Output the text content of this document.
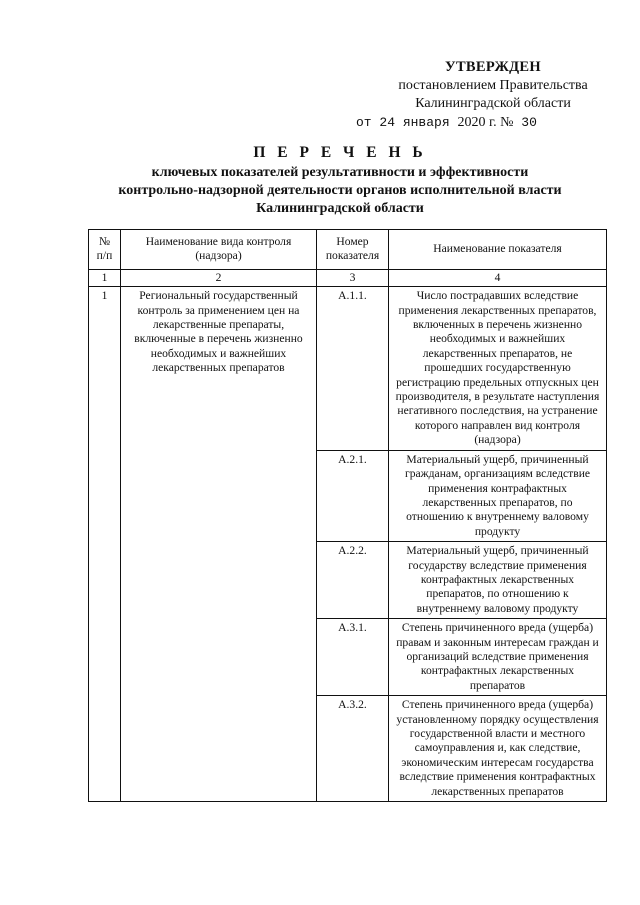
УТВЕРЖДЕН
постановлением Правительства
Калининградской области
от 24 января 2020 г. № 30
П Е Р Е Ч Е Н Ь
ключевых показателей результативности и эффективности
контрольно-надзорной деятельности органов исполнительной власти
Калининградской области
№ п/п	Наименование вида контроля (надзора)	Номер показателя	Наименование показателя
1	2	3	4
1	Региональный государственный контроль за применением цен на лекарственные препараты, включенные в перечень жизненно необходимых и важнейших лекарственных препаратов	А.1.1.	Число пострадавших вследствие применения лекарственных препаратов, включенных в перечень жизненно необходимых и важнейших лекарственных препаратов, не прошедших государственную регистрацию предельных отпускных цен производителя, в результате наступления негативного последствия, на устранение которого направлен вид контроля (надзора)
		А.2.1.	Материальный ущерб, причиненный гражданам, организациям вследствие применения контрафактных лекарственных препаратов, по отношению к внутреннему валовому продукту
		А.2.2.	Материальный ущерб, причиненный государству вследствие применения контрафактных лекарственных препаратов, по отношению к внутреннему валовому продукту
		А.3.1.	Степень причиненного вреда (ущерба) правам и законным интересам граждан и организаций вследствие применения контрафактных лекарственных препаратов
		А.3.2.	Степень причиненного вреда (ущерба) установленному порядку осуществления государственной власти и местного самоуправления и, как следствие, экономическим интересам государства вследствие применения контрафактных лекарственных препаратов
